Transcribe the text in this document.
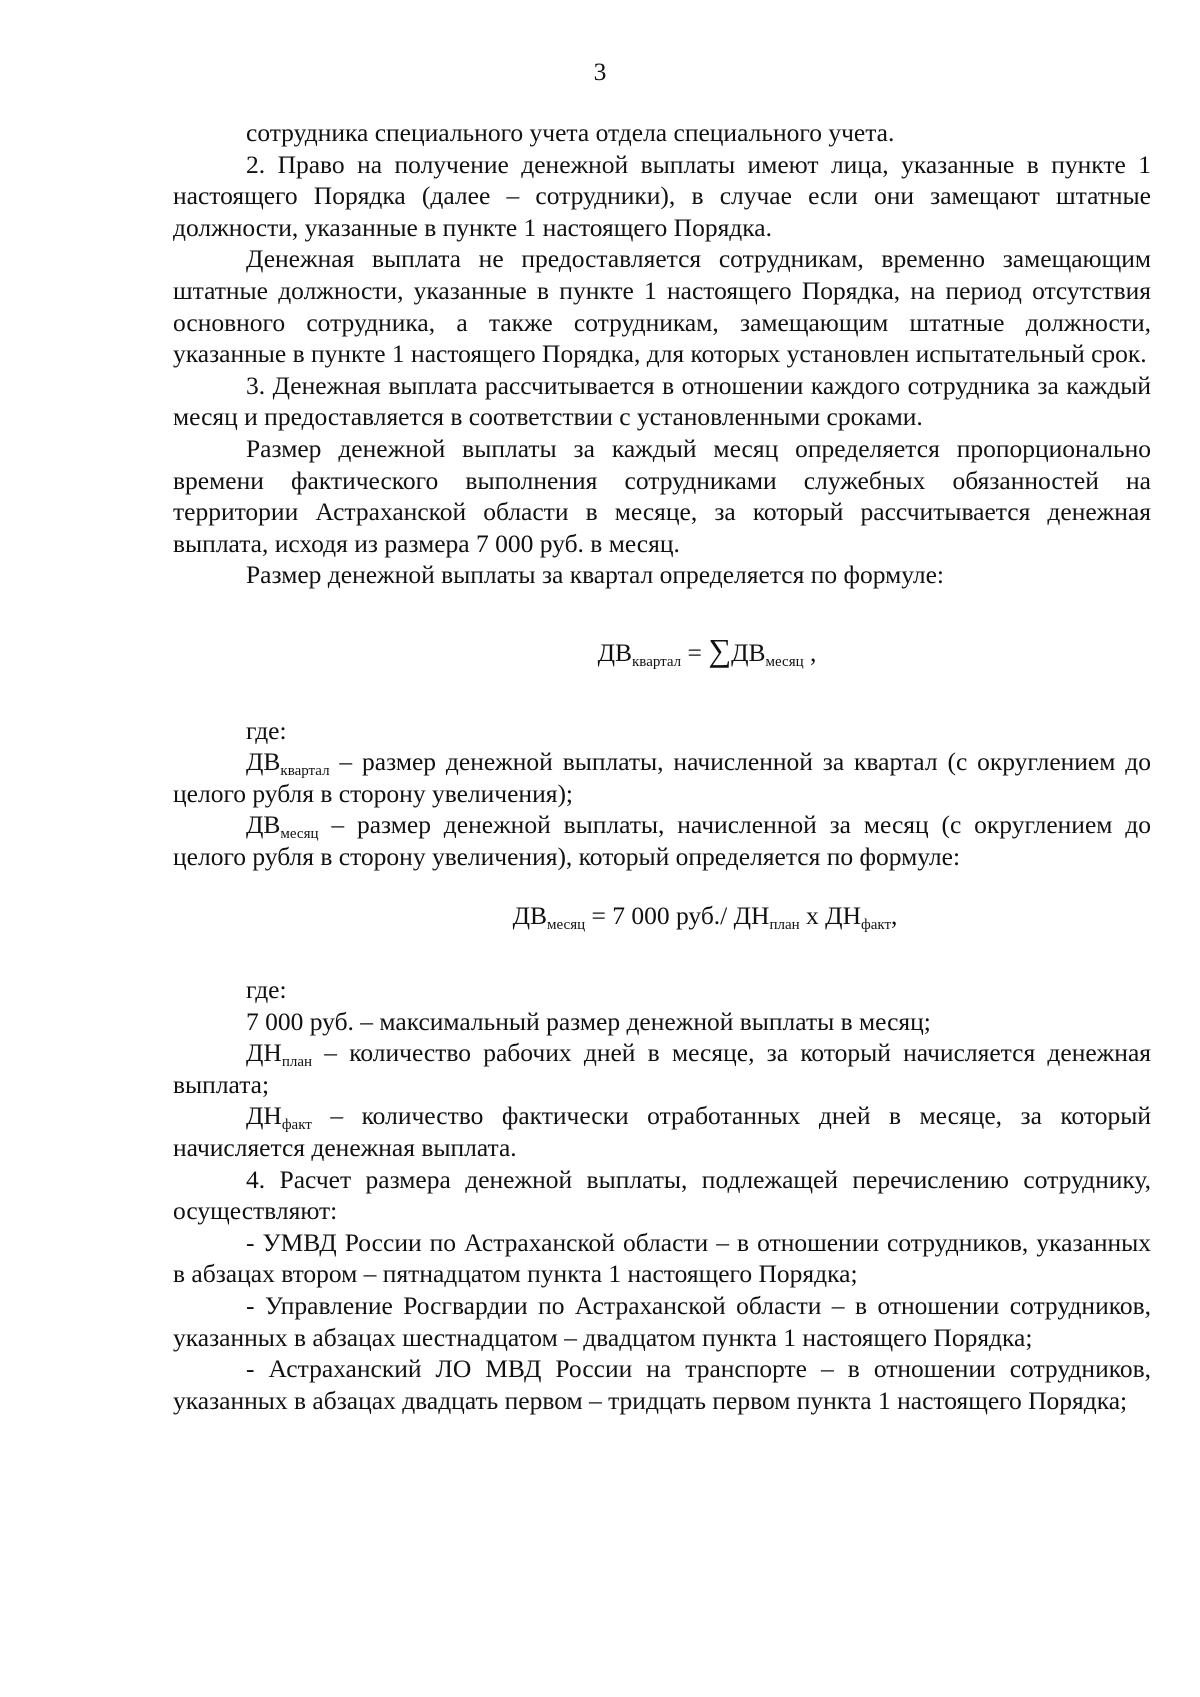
3

сотрудника специального учета отдела специального учета.

2. Право на получение денежной выплаты имеют лица, указанные в пункте 1 настоящего Порядка (далее – сотрудники), в случае если они замещают штатные должности, указанные в пункте 1 настоящего Порядка.

Денежная выплата не предоставляется сотрудникам, временно замещающим штатные должности, указанные в пункте 1 настоящего Порядка, на период отсутствия основного сотрудника, а также сотрудникам, замещающим штатные должности, указанные в пункте 1 настоящего Порядка, для которых установлен испытательный срок.

3. Денежная выплата рассчитывается в отношении каждого сотрудника за каждый месяц и предоставляется в соответствии с установленными сроками.

Размер денежной выплаты за каждый месяц определяется пропорционально времени фактического выполнения сотрудниками служебных обязанностей на территории Астраханской области в месяце, за который рассчитывается денежная выплата, исходя из размера 7 000 руб. в месяц.

Размер денежной выплаты за квартал определяется по формуле:

ДВквартал = ∑ДВмесяц ,

где:

ДВквартал – размер денежной выплаты, начисленной за квартал (с округлением до целого рубля в сторону увеличения);

ДВмесяц – размер денежной выплаты, начисленной за месяц (с округлением до целого рубля в сторону увеличения), который определяется по формуле:

ДВмесяц = 7 000 руб./ ДНплан х ДНфакт,

где:

7 000 руб. – максимальный размер денежной выплаты в месяц;

ДНплан – количество рабочих дней в месяце, за который начисляется денежная выплата;

ДНфакт – количество фактически отработанных дней в месяце, за который начисляется денежная выплата.

4. Расчет размера денежной выплаты, подлежащей перечислению сотруднику, осуществляют:

- УМВД России по Астраханской области – в отношении сотрудников, указанных в абзацах втором – пятнадцатом пункта 1 настоящего Порядка;

- Управление Росгвардии по Астраханской области – в отношении сотрудников, указанных в абзацах шестнадцатом – двадцатом пункта 1 настоящего Порядка;

- Астраханский ЛО МВД России на транспорте – в отношении сотрудников, указанных в абзацах двадцать первом – тридцать первом пункта 1 настоящего Порядка;
